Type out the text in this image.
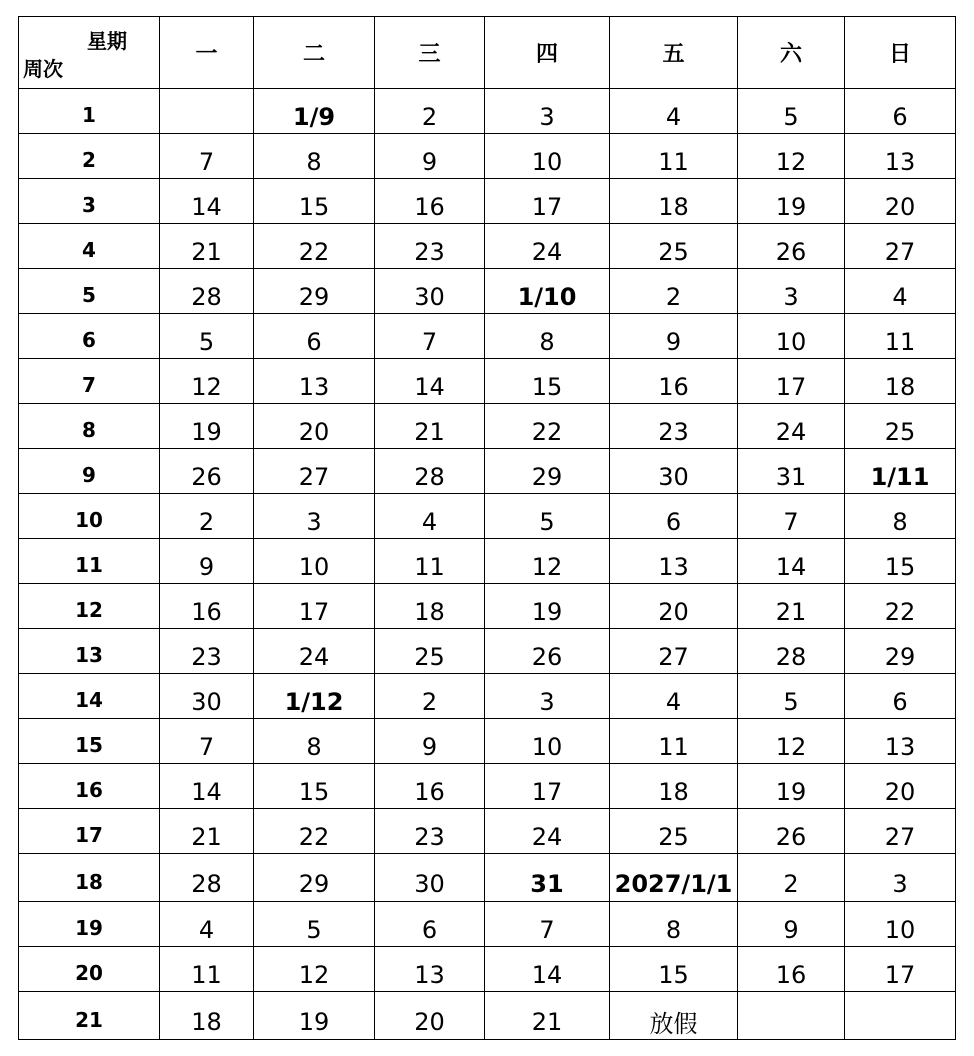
星期
周次	一	二	三	四	五	六	日
1		1/9	2	3	4	5	6
2	7	8	9	10	11	12	13
3	14	15	16	17	18	19	20
4	21	22	23	24	25	26	27
5	28	29	30	1/10	2	3	4
6	5	6	7	8	9	10	11
7	12	13	14	15	16	17	18
8	19	20	21	22	23	24	25
9	26	27	28	29	30	31	1/11
10	2	3	4	5	6	7	8
11	9	10	11	12	13	14	15
12	16	17	18	19	20	21	22
13	23	24	25	26	27	28	29
14	30	1/12	2	3	4	5	6
15	7	8	9	10	11	12	13
16	14	15	16	17	18	19	20
17	21	22	23	24	25	26	27
18	28	29	30	31	2027/1/1	2	3
19	4	5	6	7	8	9	10
20	11	12	13	14	15	16	17
21	18	19	20	21	放假		
